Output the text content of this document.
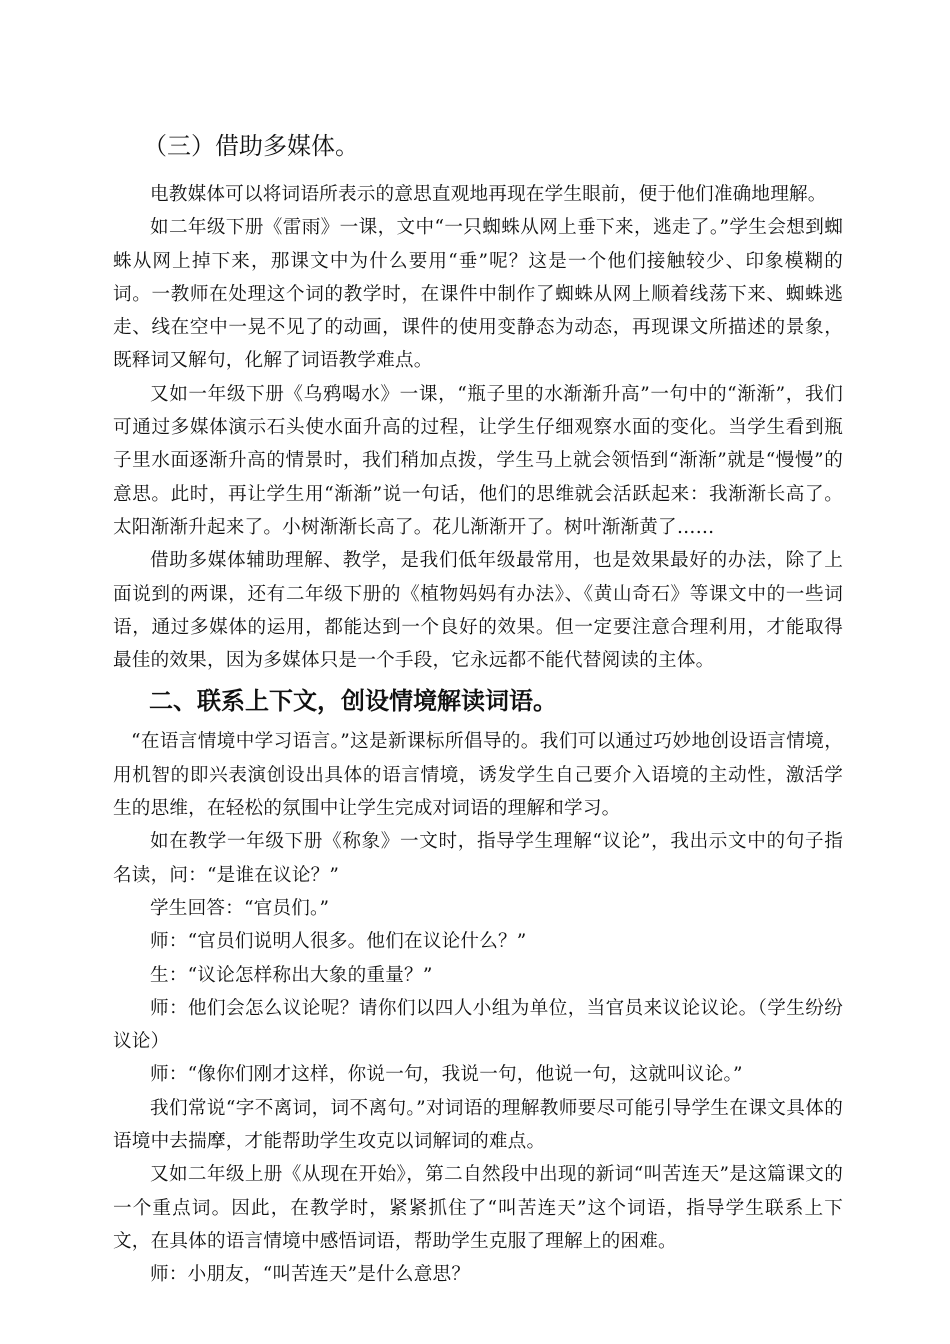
（三）借助多媒体。

电教媒体可以将词语所表示的意思直观地再现在学生眼前，便于他们准确地理解。

如二年级下册《雷雨》一课，文中“一只蜘蛛从网上垂下来，逃走了。”学生会想到蜘蛛从网上掉下来，那课文中为什么要用“垂”呢？这是一个他们接触较少、印象模糊的词。一教师在处理这个词的教学时，在课件中制作了蜘蛛从网上顺着线荡下来、蜘蛛逃走、线在空中一晃不见了的动画，课件的使用变静态为动态，再现课文所描述的景象，既释词又解句，化解了词语教学难点。

又如一年级下册《乌鸦喝水》一课，“瓶子里的水渐渐升高”一句中的“渐渐”，我们可通过多媒体演示石头使水面升高的过程，让学生仔细观察水面的变化。当学生看到瓶子里水面逐渐升高的情景时，我们稍加点拨，学生马上就会领悟到“渐渐”就是“慢慢”的意思。此时，再让学生用“渐渐”说一句话，他们的思维就会活跃起来：我渐渐长高了。太阳渐渐升起来了。小树渐渐长高了。花儿渐渐开了。树叶渐渐黄了……

借助多媒体辅助理解、教学，是我们低年级最常用，也是效果最好的办法，除了上面说到的两课，还有二年级下册的《植物妈妈有办法》、《黄山奇石》等课文中的一些词语，通过多媒体的运用，都能达到一个良好的效果。但一定要注意合理利用，才能取得最佳的效果，因为多媒体只是一个手段，它永远都不能代替阅读的主体。

二、联系上下文，创设情境解读词语。

“在语言情境中学习语言。”这是新课标所倡导的。我们可以通过巧妙地创设语言情境，用机智的即兴表演创设出具体的语言情境，诱发学生自己要介入语境的主动性，激活学生的思维，在轻松的氛围中让学生完成对词语的理解和学习。

如在教学一年级下册《称象》一文时，指导学生理解“议论”，我出示文中的句子指名读，问：“是谁在议论？”

学生回答：“官员们。”

师：“官员们说明人很多。他们在议论什么？”

生：“议论怎样称出大象的重量？”

师：他们会怎么议论呢？请你们以四人小组为单位，当官员来议论议论。（学生纷纷议论）

师：“像你们刚才这样，你说一句，我说一句，他说一句，这就叫议论。”

我们常说“字不离词，词不离句。”对词语的理解教师要尽可能引导学生在课文具体的语境中去揣摩，才能帮助学生攻克以词解词的难点。

又如二年级上册《从现在开始》，第二自然段中出现的新词“叫苦连天”是这篇课文的一个重点词。因此，在教学时，紧紧抓住了“叫苦连天”这个词语，指导学生联系上下文，在具体的语言情境中感悟词语，帮助学生克服了理解上的困难。

师：小朋友，“叫苦连天”是什么意思？
